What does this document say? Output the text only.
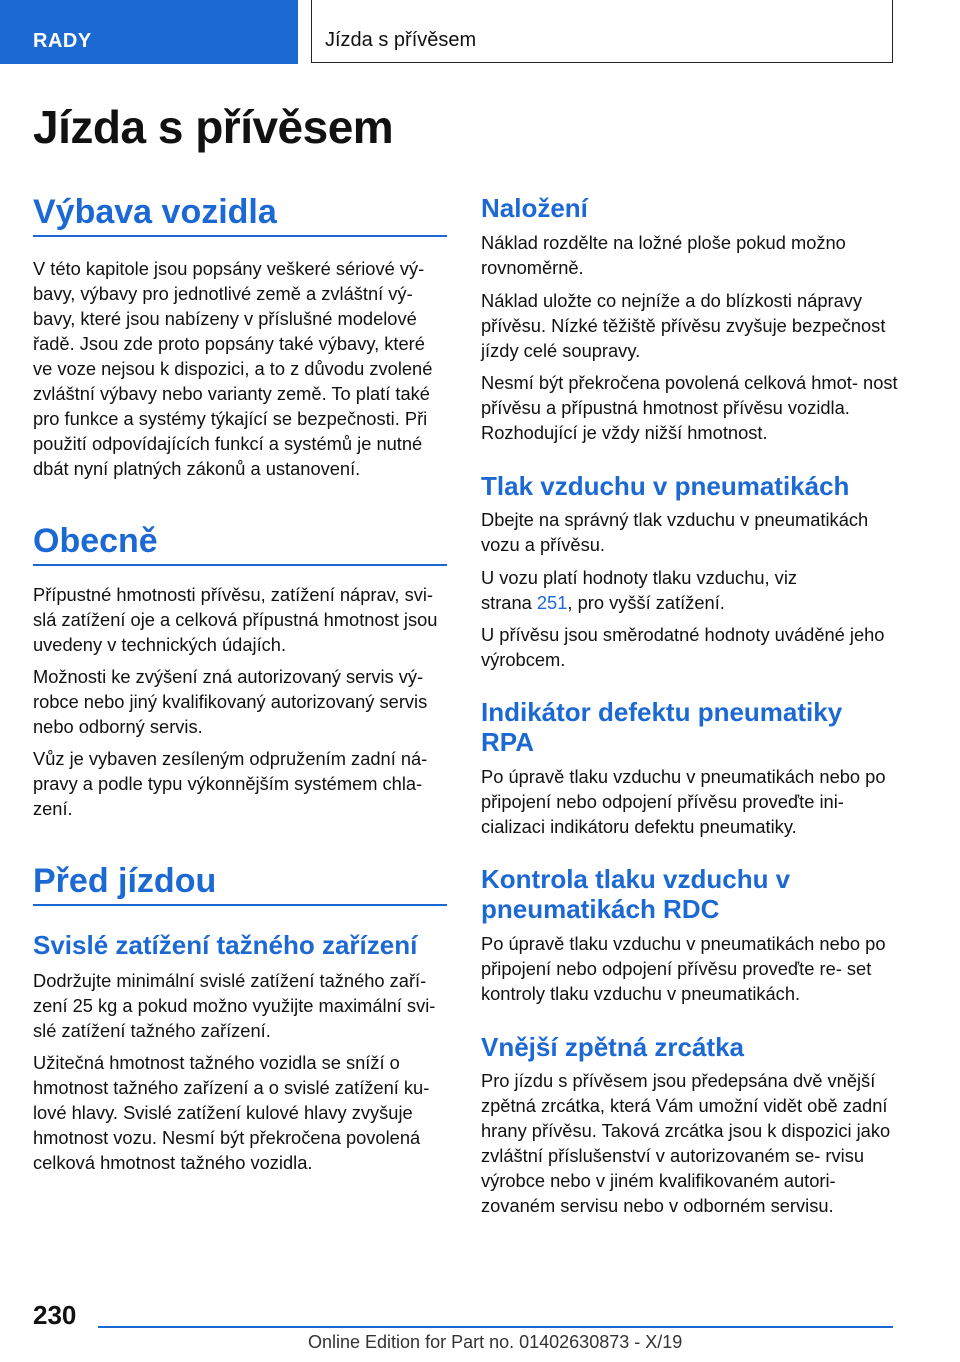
RADY	Jízda s přívěsem
Jízda s přívěsem
Výbava vozidla

V této kapitole jsou popsány veškeré sériové vý- bavy, výbavy pro jednotlivé země a zvláštní vý- bavy, které jsou nabízeny v příslušné modelové řadě. Jsou zde proto popsány také výbavy, které ve voze nejsou k dispozici, a to z důvodu zvolené zvláštní výbavy nebo varianty země. To platí také pro funkce a systémy týkající se bezpečnosti. Při použití odpovídajících funkcí a systémů je nutné dbát nyní platných zákonů a ustanovení.

Obecně

Přípustné hmotnosti přívěsu, zatížení náprav, svi- slá zatížení oje a celková přípustná hmotnost jsou uvedeny v technických údajích.

Možnosti ke zvýšení zná autorizovaný servis vý- robce nebo jiný kvalifikovaný autorizovaný servis nebo odborný servis.

Vůz je vybaven zesíleným odpružením zadní ná- pravy a podle typu výkonnějším systémem chla- zení.

Před jízdou
Svislé zatížení tažného zařízení

Dodržujte minimální svislé zatížení tažného zaří- zení 25 kg a pokud možno využijte maximální svi- slé zatížení tažného zařízení.

Užitečná hmotnost tažného vozidla se sníží o hmotnost tažného zařízení a o svislé zatížení ku- lové hlavy. Svislé zatížení kulové hlavy zvyšuje hmotnost vozu. Nesmí být překročena povolená celková hmotnost tažného vozidla.

Naložení

Náklad rozdělte na ložné ploše pokud možno rovnoměrně.

Náklad uložte co nejníže a do blízkosti nápravy přívěsu. Nízké těžiště přívěsu zvyšuje bezpečnost jízdy celé soupravy.

Nesmí být překročena povolená celková hmot- nost přívěsu a přípustná hmotnost přívěsu vozidla. Rozhodující je vždy nižší hmotnost.

Tlak vzduchu v pneumatikách

Dbejte na správný tlak vzduchu v pneumatikách vozu a přívěsu.

U vozu platí hodnoty tlaku vzduchu, viz strana 251, pro vyšší zatížení.

U přívěsu jsou směrodatné hodnoty uváděné jeho výrobcem.

Indikátor defektu pneumatiky RPA

Po úpravě tlaku vzduchu v pneumatikách nebo po připojení nebo odpojení přívěsu proveďte ini- cializaci indikátoru defektu pneumatiky.

Kontrola tlaku vzduchu v pneumatikách RDC

Po úpravě tlaku vzduchu v pneumatikách nebo po připojení nebo odpojení přívěsu proveďte re- set kontroly tlaku vzduchu v pneumatikách.

Vnější zpětná zrcátka

Pro jízdu s přívěsem jsou předepsána dvě vnější zpětná zrcátka, která Vám umožní vidět obě zadní hrany přívěsu. Taková zrcátka jsou k dispozici jako zvláštní příslušenství v autorizovaném se- rvisu výrobce nebo v jiném kvalifikovaném autori- zovaném servisu nebo v odborném servisu.

230
Online Edition for Part no. 01402630873 - X/19
